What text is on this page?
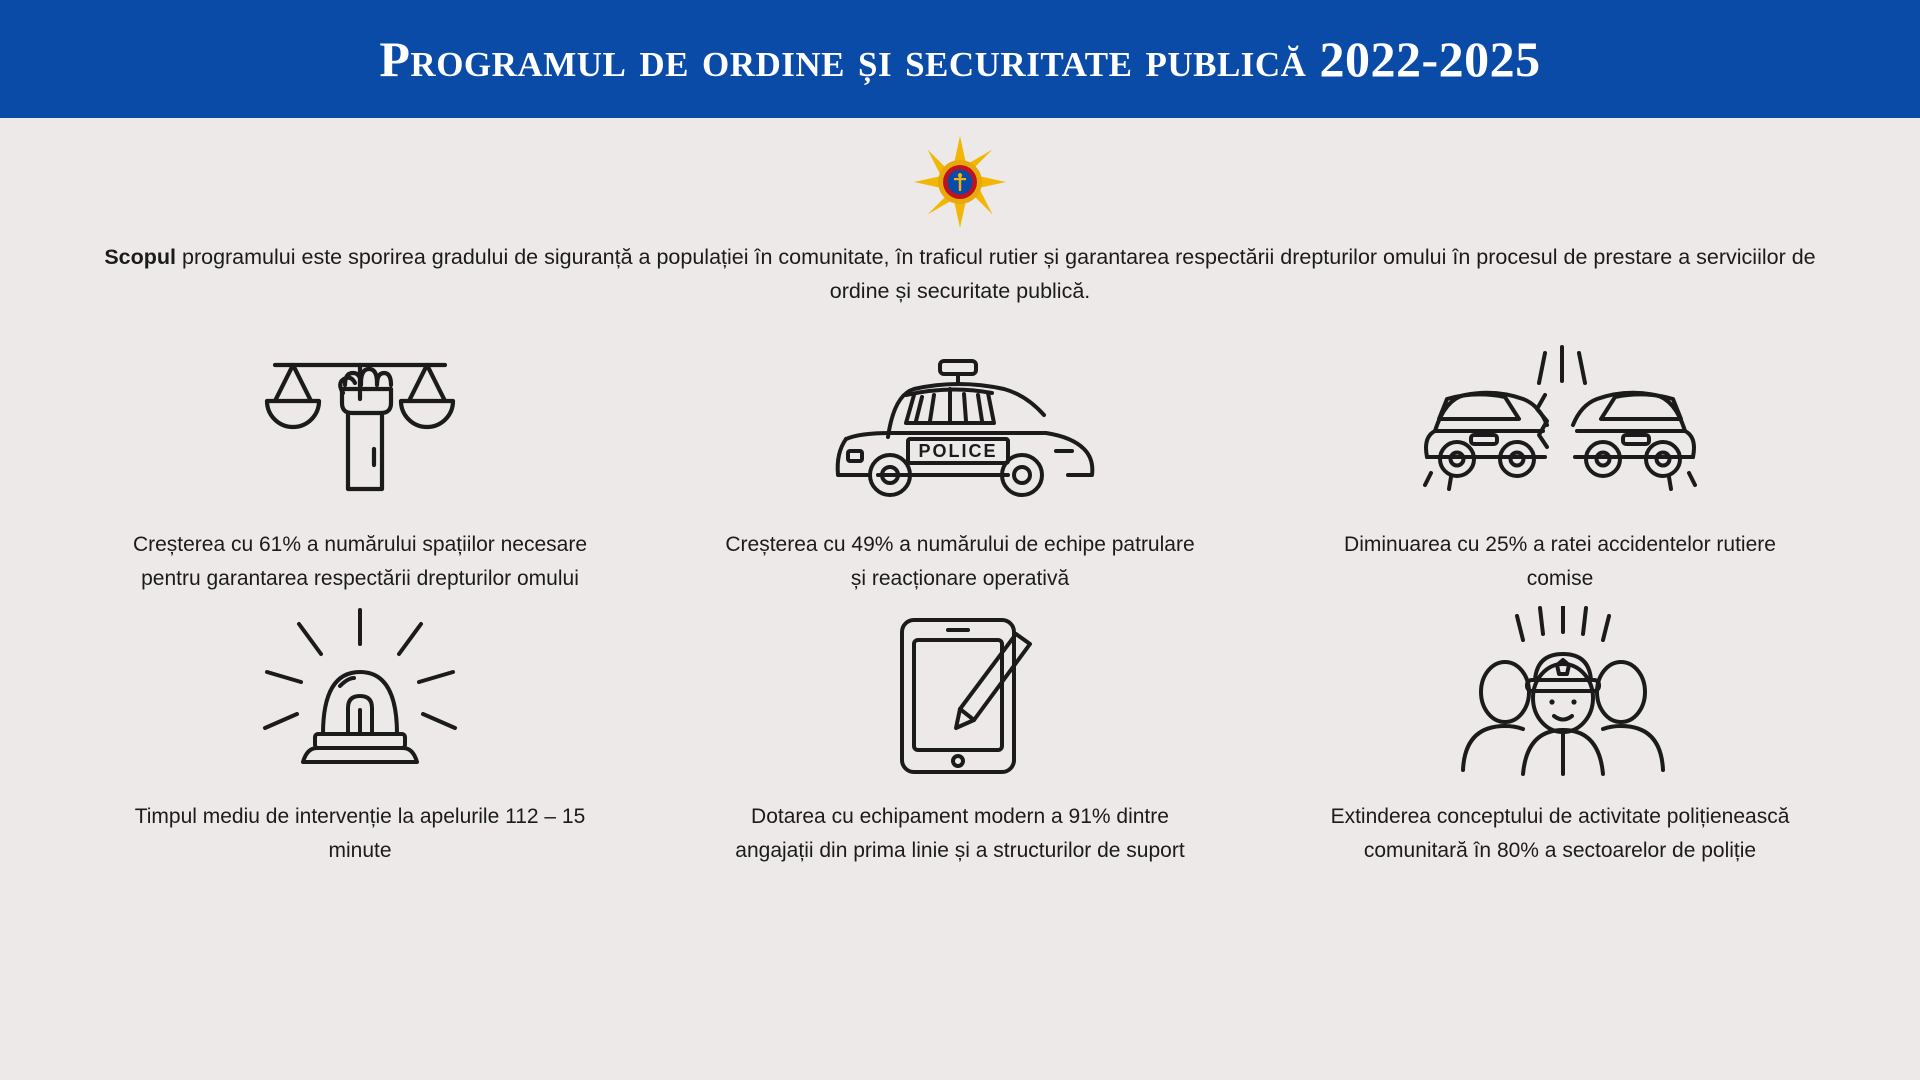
Programul de ordine și securitate publică 2022-2025

Scopul programului este sporirea gradului de siguranță a populației în comunitate, în traficul rutier și garantarea respectării drepturilor omului în procesul de prestare a serviciilor de ordine și securitate publică.

Creșterea cu 61% a numărului spațiilor necesare pentru garantarea respectării drepturilor omului
POLICE
Creșterea cu 49% a numărului de echipe patrulare și reacționare operativă
Diminuarea cu 25% a ratei accidentelor rutiere comise
Timpul mediu de intervenție la apelurile 112 – 15 minute
Dotarea cu echipament modern a 91% dintre angajații din prima linie și a structurilor de suport
Extinderea conceptului de activitate polițienească comunitară în 80% a sectoarelor de poliție
